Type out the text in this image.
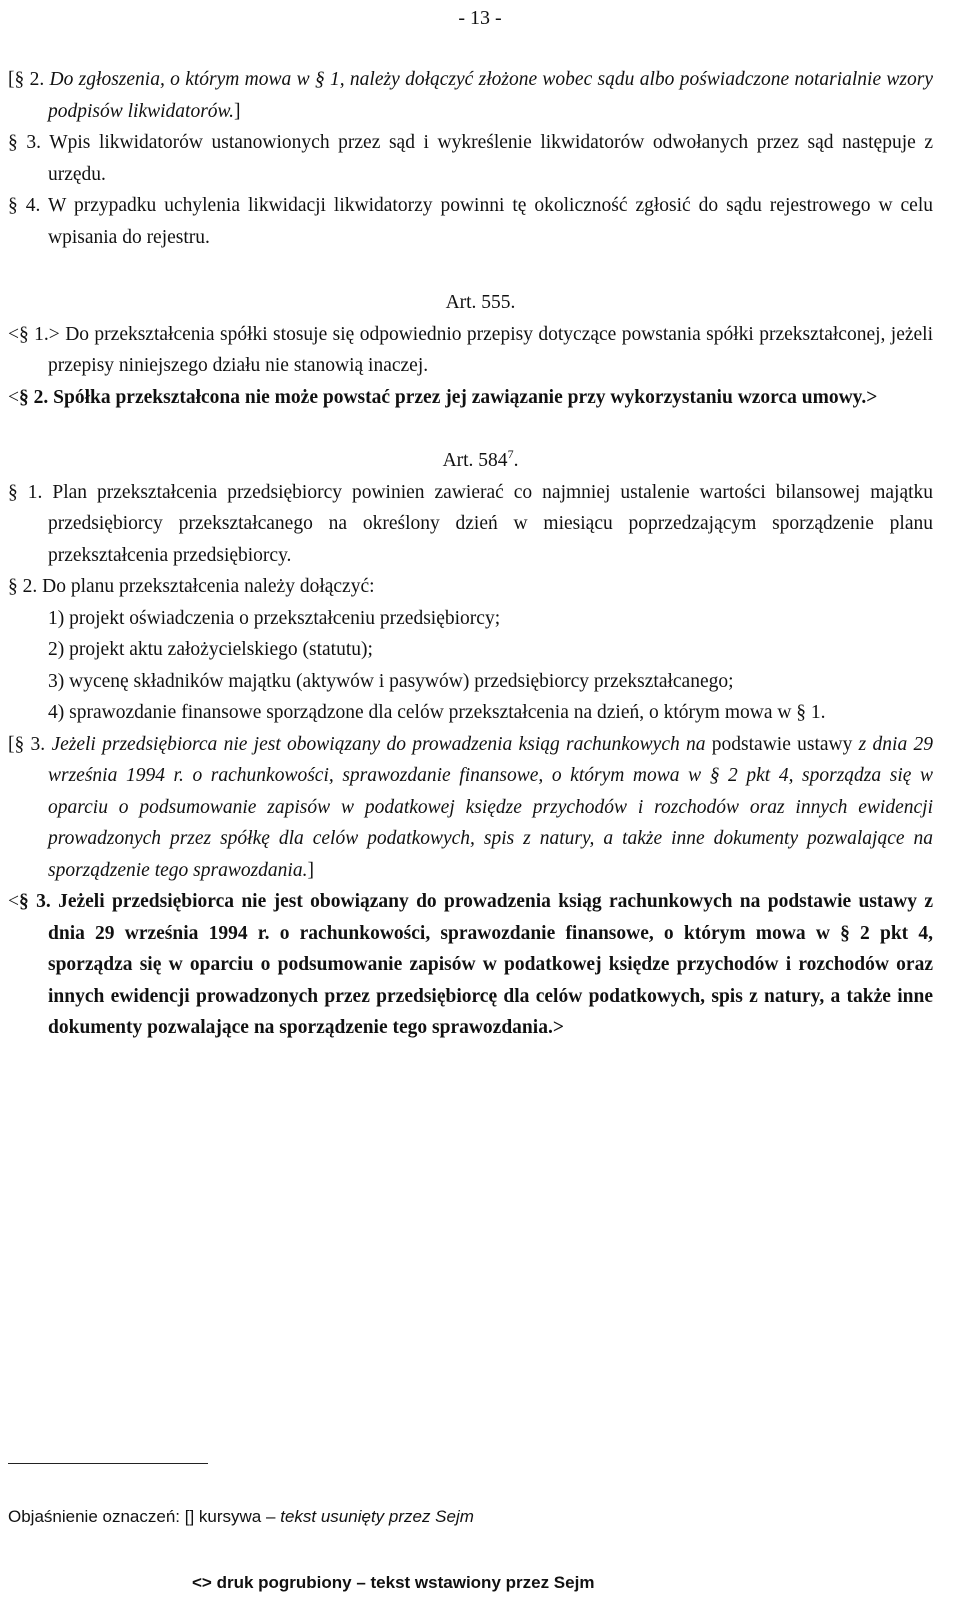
- 13 -

[§ 2. Do zgłoszenia, o którym mowa w § 1, należy dołączyć złożone wobec sądu albo poświadczone notarialnie wzory podpisów likwidatorów.]

§ 3. Wpis likwidatorów ustanowionych przez sąd i wykreślenie likwidatorów odwołanych przez sąd następuje z urzędu.

§ 4. W przypadku uchylenia likwidacji likwidatorzy powinni tę okoliczność zgłosić do sądu rejestrowego w celu wpisania do rejestru.

Art. 555.

<§ 1.> Do przekształcenia spółki stosuje się odpowiednio przepisy dotyczące powstania spółki przekształconej, jeżeli przepisy niniejszego działu nie stanowią inaczej.

<§ 2. Spółka przekształcona nie może powstać przez jej zawiązanie przy wykorzystaniu wzorca umowy.>

Art. $584^7$.

§ 1. Plan przekształcenia przedsiębiorcy powinien zawierać co najmniej ustalenie wartości bilansowej majątku przedsiębiorcy przekształcanego na określony dzień w miesiącu poprzedzającym sporządzenie planu przekształcenia przedsiębiorcy.

§ 2. Do planu przekształcenia należy dołączyć:

1) projekt oświadczenia o przekształceniu przedsiębiorcy;

2) projekt aktu założycielskiego (statutu);

3) wycenę składników majątku (aktywów i pasywów) przedsiębiorcy przekształcanego;

4) sprawozdanie finansowe sporządzone dla celów przekształcenia na dzień, o którym mowa w § 1.

[§ 3. Jeżeli przedsiębiorca nie jest obowiązany do prowadzenia ksiąg rachunkowych na podstawie ustawy z dnia 29 września 1994 r. o rachunkowości, sprawozdanie finansowe, o którym mowa w § 2 pkt 4, sporządza się w oparciu o podsumowanie zapisów w podatkowej księdze przychodów i rozchodów oraz innych ewidencji prowadzonych przez spółkę dla celów podatkowych, spis z natury, a także inne dokumenty pozwalające na sporządzenie tego sprawozdania.]

<§ 3. Jeżeli przedsiębiorca nie jest obowiązany do prowadzenia ksiąg rachunkowych na podstawie ustawy z dnia 29 września 1994 r. o rachunkowości, sprawozdanie finansowe, o którym mowa w § 2 pkt 4, sporządza się w oparciu o podsumowanie zapisów w podatkowej księdze przychodów i rozchodów oraz innych ewidencji prowadzonych przez przedsiębiorcę dla celów podatkowych, spis z natury, a także inne dokumenty pozwalające na sporządzenie tego sprawozdania.>

Objaśnienie oznaczeń: [] kursywa – tekst usunięty przez Sejm
<> druk pogrubiony – tekst wstawiony przez Sejm
